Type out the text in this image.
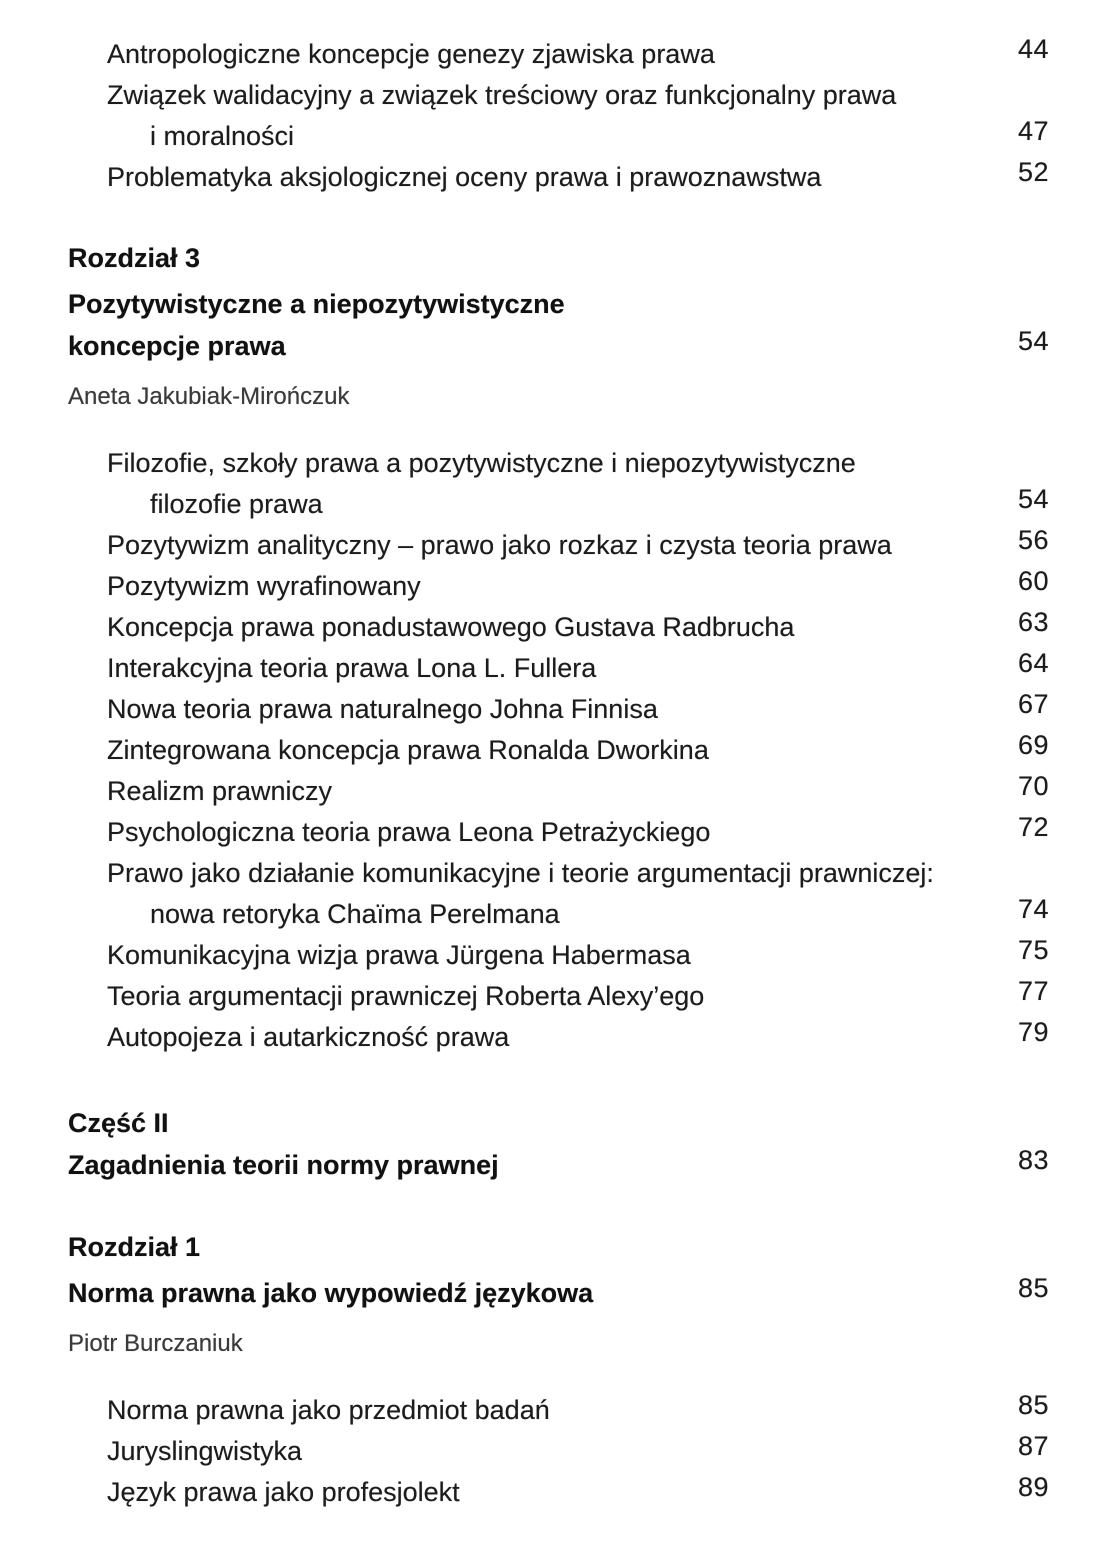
Antropologiczne koncepcje genezy zjawiska prawa	44
Związek walidacyjny a związek treściowy oraz funkcjonalny prawa
i moralności	47
Problematyka aksjologicznej oceny prawa i prawoznawstwa	52
Rozdział 3
Pozytywistyczne a niepozytywistyczne
koncepcje prawa	54
Aneta Jakubiak-Mirończuk
Filozofie, szkoły prawa a pozytywistyczne i niepozytywistyczne
filozofie prawa	54
Pozytywizm analityczny – prawo jako rozkaz i czysta teoria prawa	56
Pozytywizm wyrafinowany	60
Koncepcja prawa ponadustawowego Gustava Radbrucha	63
Interakcyjna teoria prawa Lona L. Fullera	64
Nowa teoria prawa naturalnego Johna Finnisa	67
Zintegrowana koncepcja prawa Ronalda Dworkina	69
Realizm prawniczy	70
Psychologiczna teoria prawa Leona Petrażyckiego	72
Prawo jako działanie komunikacyjne i teorie argumentacji prawniczej:
nowa retoryka Chaïma Perelmana	74
Komunikacyjna wizja prawa Jürgena Habermasa	75
Teoria argumentacji prawniczej Roberta Alexy’ego	77
Autopojeza i autarkiczność prawa	79
Część II
Zagadnienia teorii normy prawnej	83
Rozdział 1
Norma prawna jako wypowiedź językowa	85
Piotr Burczaniuk
Norma prawna jako przedmiot badań	85
Juryslingwistyka	87
Język prawa jako profesjolekt	89
